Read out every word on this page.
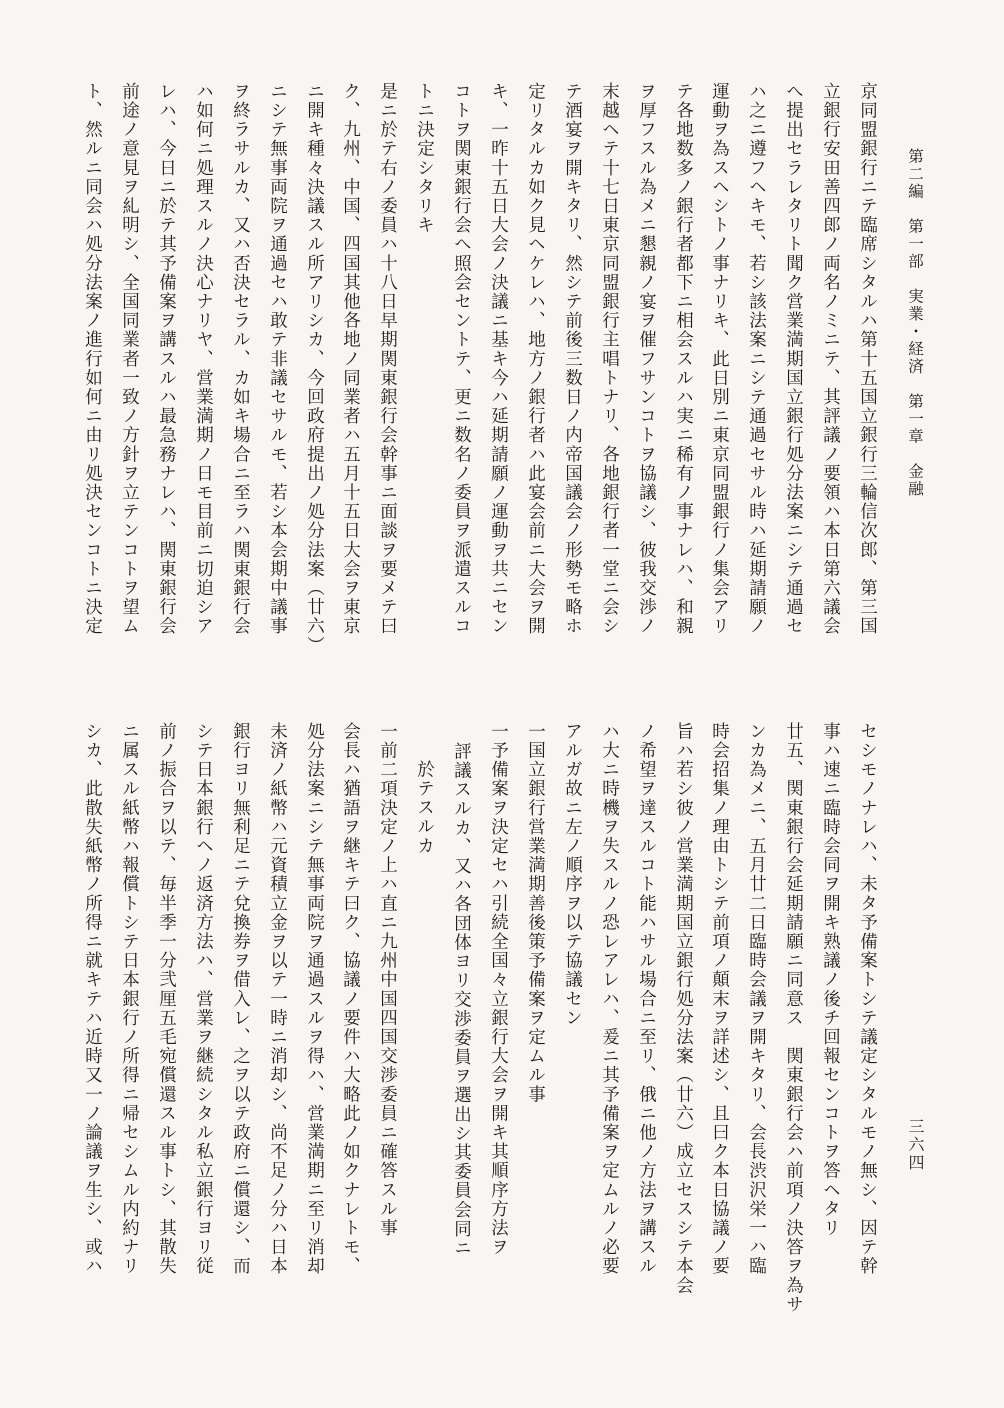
第二編　第一部　実業・経済　第一章　金融
三六四
京同盟銀行ニテ臨席シタルハ第十五国立銀行三輪信次郎、第三国
立銀行安田善四郎ノ両名ノミニテ、其評議ノ要領ハ本日第六議会
へ提出セラレタリト聞ク営業満期国立銀行処分法案ニシテ通過セ
ハ之ニ遵フヘキモ、若シ該法案ニシテ通過セサル時ハ延期請願ノ
運動ヲ為スヘシトノ事ナリキ、此日別ニ東京同盟銀行ノ集会アリ
テ各地数多ノ銀行者都下ニ相会スルハ実ニ稀有ノ事ナレハ、和親
ヲ厚フスル為メニ懇親ノ宴ヲ催フサンコトヲ協議シ、彼我交渉ノ
末越ヘテ十七日東京同盟銀行主唱トナリ、各地銀行者一堂ニ会シ
テ酒宴ヲ開キタリ、然シテ前後三数日ノ内帝国議会ノ形勢モ略ホ
定リタルカ如ク見ヘケレハ、地方ノ銀行者ハ此宴会前ニ大会ヲ開
キ、一昨十五日大会ノ決議ニ基キ今ハ延期請願ノ運動ヲ共ニセン
コトヲ関東銀行会へ照会セントテ、更ニ数名ノ委員ヲ派遣スルコ
トニ決定シタリキ
是ニ於テ右ノ委員ハ十八日早期関東銀行会幹事ニ面談ヲ要メテ曰
ク、九州、中国、四国其他各地ノ同業者ハ五月十五日大会ヲ東京
ニ開キ種々決議スル所アリシカ、今回政府提出ノ処分法案（廿六）
ニシテ無事両院ヲ通過セハ敢テ非議セサルモ、若シ本会期中議事
ヲ終ラサルカ、又ハ否決セラル、カ如キ場合ニ至ラハ関東銀行会
ハ如何ニ処理スルノ決心ナリヤ、営業満期ノ日モ目前ニ切迫シア
レハ、今日ニ於テ其予備案ヲ講スルハ最急務ナレハ、関東銀行会
前途ノ意見ヲ糺明シ、全国同業者一致ノ方針ヲ立テンコトヲ望ム
ト、然ルニ同会ハ処分法案ノ進行如何ニ由リ処決センコトニ決定
セシモノナレハ、未タ予備案トシテ議定シタルモノ無シ、因テ幹
事ハ速ニ臨時会同ヲ開キ熟議ノ後チ回報センコトヲ答ヘタリ
廿五、関東銀行会延期請願ニ同意ス　関東銀行会ハ前項ノ決答ヲ為サ
ンカ為メニ、五月廿二日臨時会議ヲ開キタリ、会長渋沢栄一ハ臨
時会招集ノ理由トシテ前項ノ顛末ヲ詳述シ、且曰ク本日協議ノ要
旨ハ若シ彼ノ営業満期国立銀行処分法案（廿六）成立セスシテ本会
ノ希望ヲ達スルコト能ハサル場合ニ至リ、俄ニ他ノ方法ヲ講スル
ハ大ニ時機ヲ失スルノ恐レアレハ、爰ニ其予備案ヲ定ムルノ必要
アルガ故ニ左ノ順序ヲ以テ協議セン
一国立銀行営業満期善後策予備案ヲ定ムル事
一予備案ヲ決定セハ引続全国々立銀行大会ヲ開キ其順序方法ヲ
評議スルカ、又ハ各団体ヨリ交渉委員ヲ選出シ其委員会同ニ
於テスルカ
一前二項決定ノ上ハ直ニ九州中国四国交渉委員ニ確答スル事
会長ハ猶語ヲ継キテ曰ク、協議ノ要件ハ大略此ノ如クナレトモ、
処分法案ニシテ無事両院ヲ通過スルヲ得ハ、営業満期ニ至リ消却
未済ノ紙幣ハ元資積立金ヲ以テ一時ニ消却シ、尚不足ノ分ハ日本
銀行ヨリ無利足ニテ兌換券ヲ借入レ、之ヲ以テ政府ニ償還シ、而
シテ日本銀行ヘノ返済方法ハ、営業ヲ継続シタル私立銀行ヨリ従
前ノ振合ヲ以テ、毎半季一分弐厘五毛宛償還スル事トシ、其散失
ニ属スル紙幣ハ報償トシテ日本銀行ノ所得ニ帰セシムル内約ナリ
シカ、此散失紙幣ノ所得ニ就キテハ近時又一ノ論議ヲ生シ、或ハ
